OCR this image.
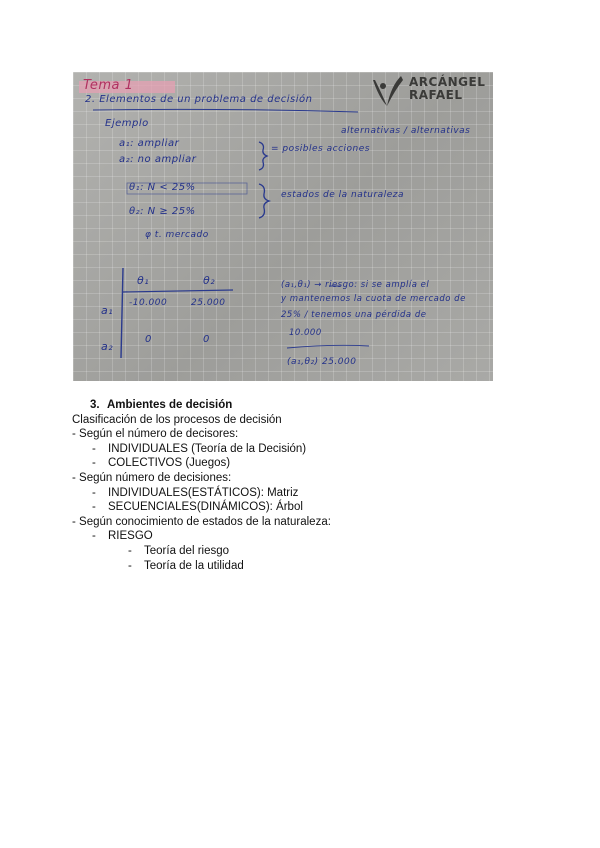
Tema 1
2. Elementos de un problema de decisión
Ejemplo
alternativas / alternativas
a₁: ampliar	= posibles acciones
a₂: no ampliar
θ₁: N < 25%
estados de la naturaleza
θ₂: N ≥ 25%
φ t. mercado
θ₁	θ₂
a₁
-10.000	25.000
a₂
0	0
(a₁,θ₁) → riesgo: si se amplía el
y mantenemos la cuota de mercado de
25% / tenemos una pérdida de
10.000
(a₁,θ₂) 25.000
ARCÁNGEL
RAFAEL
3. Ambientes de decisión
Clasificación de los procesos de decisión
- Según el número de decisores:
- INDIVIDUALES (Teoría de la Decisión)
- COLECTIVOS (Juegos)
- Según número de decisiones:
- INDIVIDUALES(ESTÁTICOS): Matriz
- SECUENCIALES(DINÁMICOS): Árbol
- Según conocimiento de estados de la naturaleza:
- RIESGO
- Teoría del riesgo
- Teoría de la utilidad
